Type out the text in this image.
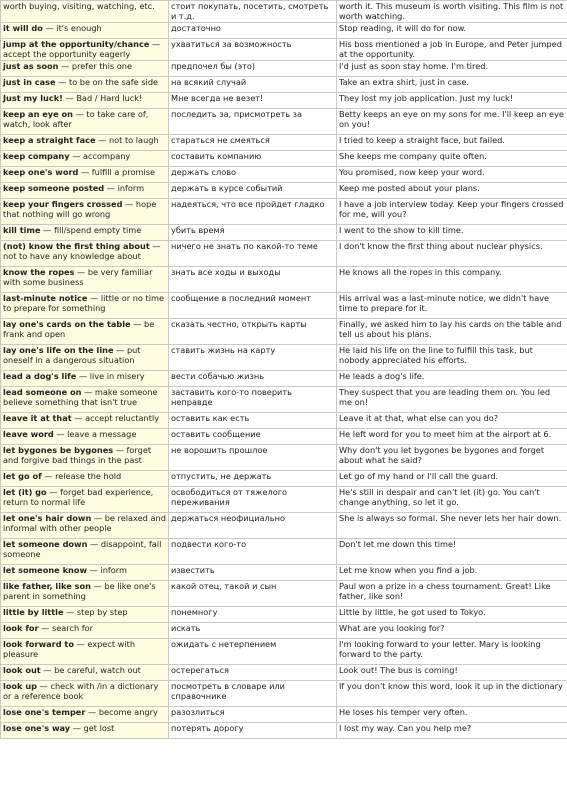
worth buying, visiting, watching, etc.	стоит покупать, посетить, смотреть и т.д.	worth it. This museum is worth visiting. This film is not worth watching.
it will do — it's enough	достаточно	Stop reading, it will do for now.
jump at the opportunity/chance — accept the opportunity eagerly	ухватиться за возможность	His boss mentioned a job in Europe, and Peter jumped at the opportunity.
just as soon — prefer this one	предпочел бы (это)	I'd just as soon stay home. I'm tired.
just in case — to be on the safe side	на всякий случай	Take an extra shirt, just in case.
Just my luck! — Bad / Hard luck!	Мне всегда не везет!	They lost my job application. Just my luck!
keep an eye on — to take care of, watch, look after	последить за, присмотреть за	Betty keeps an eye on my sons for me. I'll keep an eye on you!
keep a straight face — not to laugh	стараться не смеяться	I tried to keep a straight face, but failed.
keep company — accompany	составить компанию	She keeps me company quite often.
keep one's word — fulfill a promise	держать слово	You promised, now keep your word.
keep someone posted — inform	держать в курсе событий	Keep me posted about your plans.
keep your fingers crossed — hope that nothing will go wrong	надеяться, что все пройдет гладко	I have a job interview today. Keep your fingers crossed for me, will you?
kill time — fill/spend empty time	убить время	I went to the show to kill time.
(not) know the first thing about — not to have any knowledge about	ничего не знать по какой-то теме	I don't know the first thing about nuclear physics.
know the ropes — be very familiar with some business	знать все ходы и выходы	He knows all the ropes in this company.
last-minute notice — little or no time to prepare for something	сообщение в последний момент	His arrival was a last-minute notice, we didn't have time to prepare for it.
lay one's cards on the table — be frank and open	сказать честно, открыть карты	Finally, we asked him to lay his cards on the table and tell us about his plans.
lay one's life on the line — put oneself in a dangerous situation	ставить жизнь на карту	He laid his life on the line to fulfill this task, but nobody appreciated his efforts.
lead a dog's life — live in misery	вести собачью жизнь	He leads a dog's life.
lead someone on — make someone believe something that isn't true	заставить кого-то поверить неправде	They suspect that you are leading them on. You led me on!
leave it at that — accept reluctantly	оставить как есть	Leave it at that, what else can you do?
leave word — leave a message	оставить сообщение	He left word for you to meet him at the airport at 6.
let bygones be bygones — forget and forgive bad things in the past	не ворошить прошлое	Why don't you let bygones be bygones and forget about what he said?
let go of — release the hold	отпустить, не держать	Let go of my hand or I'll call the guard.
let (it) go — forget bad experience, return to normal life	освободиться от тяжелого переживания	He's still in despair and can't let (it) go. You can't change anything, so let it go.
let one's hair down — be relaxed and informal with other people	держаться неофициально	She is always so formal. She never lets her hair down.
let someone down — disappoint, fail someone	подвести кого-то	Don't let me down this time!
let someone know — inform	известить	Let me know when you find a job.
like father, like son — be like one's parent in something	какой отец, такой и сын	Paul won a prize in a chess tournament. Great! Like father, like son!
little by little — step by step	понемногу	Little by little, he got used to Tokyo.
look for — search for	искать	What are you looking for?
look forward to — expect with pleasure	ожидать с нетерпением	I'm looking forward to your letter. Mary is looking forward to the party.
look out — be careful, watch out	остерегаться	Look out! The bus is coming!
look up — check with /in a dictionary or a reference book	посмотреть в словаре или справочнике	If you don't know this word, look it up in the dictionary
lose one's temper — become angry	разозлиться	He loses his temper very often.
lose one's way — get lost	потерять дорогу	I lost my way. Can you help me?
